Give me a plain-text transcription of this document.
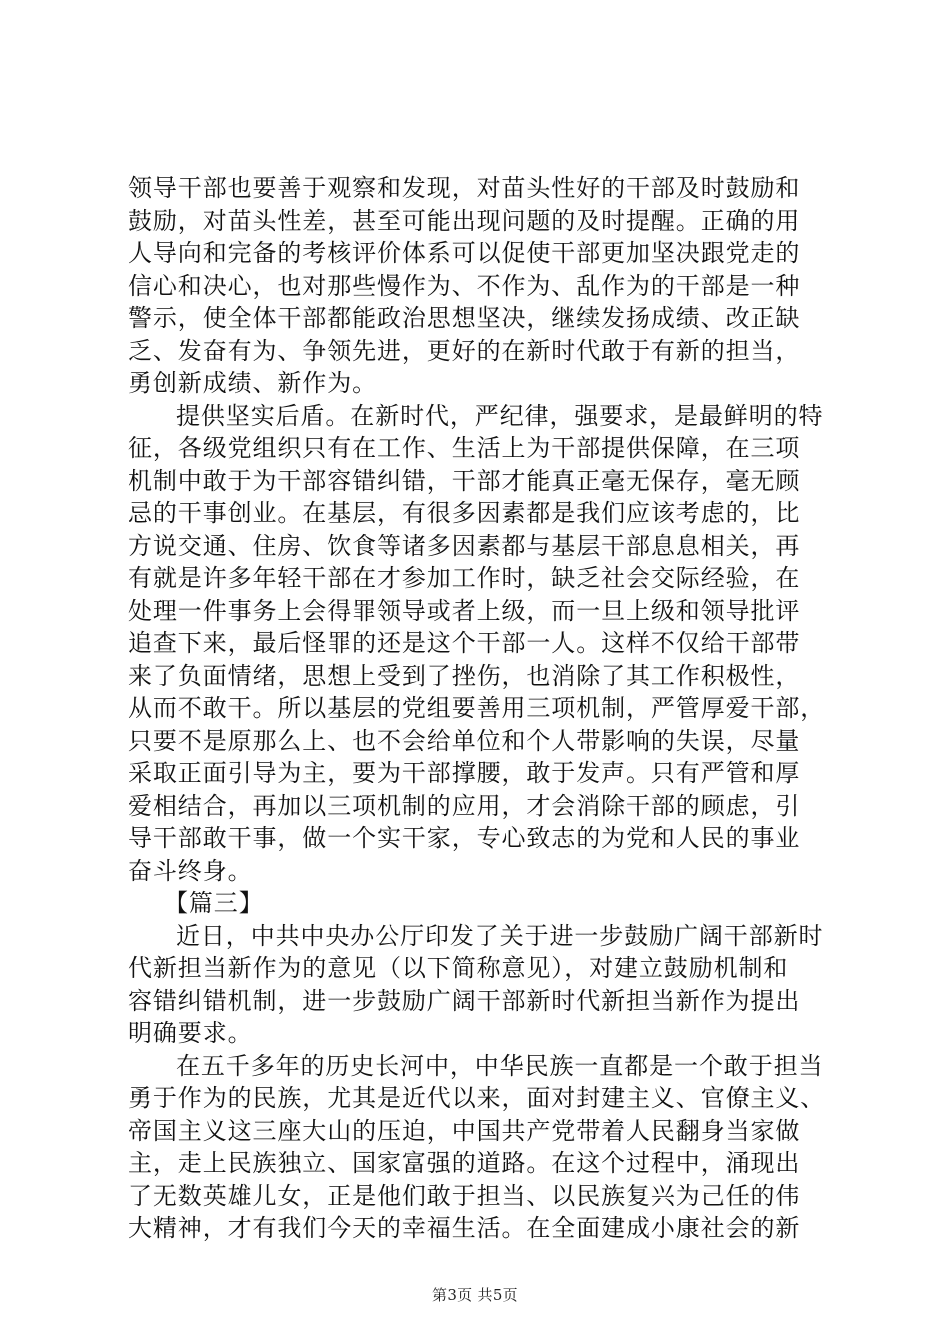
领导干部也要善于观察和发现，对苗头性好的干部及时鼓励和
鼓励，对苗头性差，甚至可能出现问题的及时提醒。正确的用
人导向和完备的考核评价体系可以促使干部更加坚决跟党走的
信心和决心，也对那些慢作为、不作为、乱作为的干部是一种
警示，使全体干部都能政治思想坚决，继续发扬成绩、改正缺
乏、发奋有为、争领先进，更好的在新时代敢于有新的担当，
勇创新成绩、新作为。
提供坚实后盾。在新时代，严纪律，强要求，是最鲜明的特
征，各级党组织只有在工作、生活上为干部提供保障，在三项
机制中敢于为干部容错纠错，干部才能真正毫无保存，毫无顾
忌的干事创业。在基层，有很多因素都是我们应该考虑的，比
方说交通、住房、饮食等诸多因素都与基层干部息息相关，再
有就是许多年轻干部在才参加工作时，缺乏社会交际经验，在
处理一件事务上会得罪领导或者上级，而一旦上级和领导批评
追查下来，最后怪罪的还是这个干部一人。这样不仅给干部带
来了负面情绪，思想上受到了挫伤，也消除了其工作积极性，
从而不敢干。所以基层的党组要善用三项机制，严管厚爱干部，
只要不是原那么上、也不会给单位和个人带影响的失误，尽量
采取正面引导为主，要为干部撑腰，敢于发声。只有严管和厚
爱相结合，再加以三项机制的应用，才会消除干部的顾虑，引
导干部敢干事，做一个实干家，专心致志的为党和人民的事业
奋斗终身。
【篇三】
近日，中共中央办公厅印发了关于进一步鼓励广阔干部新时
代新担当新作为的意见（以下简称意见），对建立鼓励机制和
容错纠错机制，进一步鼓励广阔干部新时代新担当新作为提出
明确要求。
在五千多年的历史长河中，中华民族一直都是一个敢于担当
勇于作为的民族，尤其是近代以来，面对封建主义、官僚主义、
帝国主义这三座大山的压迫，中国共产党带着人民翻身当家做
主，走上民族独立、国家富强的道路。在这个过程中，涌现出
了无数英雄儿女，正是他们敢于担当、以民族复兴为己任的伟
大精神，才有我们今天的幸福生活。在全面建成小康社会的新
第3页 共5页
